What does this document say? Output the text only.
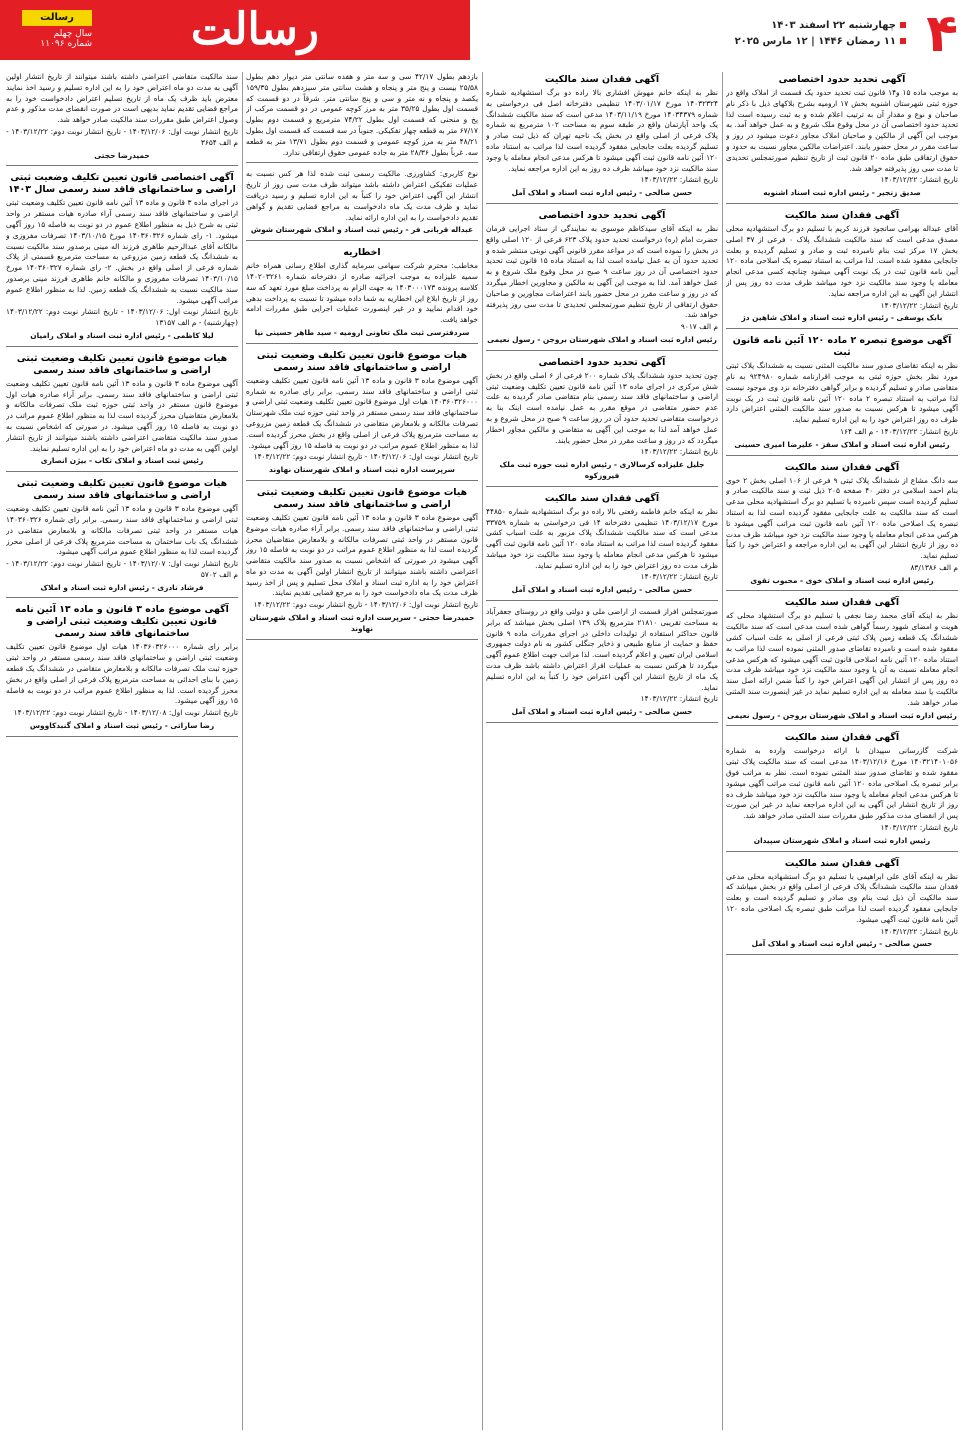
۴
چهارشنبه ۲۲ اسفند ۱۴۰۳
۱۱ رمضان ۱۴۴۶ | ۱۲ مارس ۲۰۲۵
رسالت
رسالت
سال چهلم
شماره ۱۱۰۹۶
آگهی تحدید حدود اختصاصی

به موجب ماده ۱۵ و۱۴ قانون ثبت تحدید حدود یک قسمت از املاک واقع در حوزه ثبتی شهرستان اشنویه بخش ۱۷ ارومیه بشرح بلاکهای ذیل با ذکر نام صاحبان و نوع و مقدار آن به ترتیب اعلام شده و به ثبت رسیده است لذا تحدید حدود اختصاصی آن در محل وقوع ملک شروع و به عمل خواهد آمد. به موجب این آگهی از مالکین و صاحبان املاک مجاور دعوت میشود در روز و ساعت مقرر در محل حضور یابند. اعتراضات مالکین مجاور نسبت به حدود و حقوق ارتفاقی طبق ماده ۲۰ قانون ثبت از تاریخ تنظیم صورتمجلس تحدیدی تا مدت سی روز پذیرفته خواهد شد.

تاریخ انتشار: ۱۴۰۳/۱۲/۲۲
صدیق زنجیر - رئیس اداره ثبت اسناد اشنویه
آگهی فقدان سند مالکیت

آقای عبداله بهرامی ساتجود فرزند کریم با تسلیم دو برگ استشهادیه محلی مصدق مدعی است که سند مالکیت ششدانگ پلاک ۰ فرعی از ۳۷ اصلی بخش ۱۷ مرکز ثبت بنام نامبرده ثبت و صادر و تسلیم گردیده و بعلت جابجایی مفقود شده است. لذا مراتب به استناد تبصره یک اصلاحی ماده ۱۲۰ آیین نامه قانون ثبت در یک نوبت آگهی میشود چنانچه کسی مدعی انجام معامله یا وجود سند مالکیت نزد خود میباشد ظرف مدت ده روز پس از انتشار این آگهی به این اداره مراجعه نماید.

تاریخ انتشار: ۱۴۰۳/۱۲/۲۲
بابک یوسفی - رئیس اداره ثبت اسناد و املاک شاهین دژ
آگهی موضوع تبصره ۲ ماده ۱۲۰ آئین نامه قانون ثبت

نظر به اینکه تقاضای صدور سند مالکیت المثنی نسبت به ششدانگ پلاک ثبتی مورد نظر بخش حوزه ثبتی به موجب اقرارنامه شماره ۹۲۴۹۸۰ به نام متقاضی صادر و تسلیم گردیده و برابر گواهی دفترخانه نزد وی موجود نیست لذا مراتب به استناد تبصره ۲ ماده ۱۲۰ آئین نامه قانون ثبت در یک نوبت آگهی میشود تا هرکس نسبت به صدور سند مالکیت المثنی اعتراض دارد ظرف ده روز اعتراض خود را به این اداره تسلیم نماید.

تاریخ انتشار: ۱۴۰۳/۱۲/۲۲ - م الف ۱۶۴
رئیس اداره ثبت اسناد و املاک سقز - علیرضا امیری حسینی
آگهی فقدان سند مالکیت

سه دانگ مشاع از ششدانگ پلاک ثبتی ۹ فرعی از ۱۰۶ اصلی بخش ۲ خوی بنام احمد اسلامی در دفتر ۴۰ صفحه ۲۰۵ ذیل ثبت و سند مالکیت صادر و تسلیم گردیده است سپس نامبرده با تسلیم دو برگ استشهادیه محلی مدعی است که سند مالکیت به علت جابجایی مفقود گردیده است لذا به استناد تبصره یک اصلاحی ماده ۱۲۰ آئین نامه قانون ثبت مراتب آگهی میشود تا هرکس مدعی انجام معامله یا وجود سند مالکیت نزد خود میباشد ظرف مدت ده روز از تاریخ انتشار این آگهی به این اداره مراجعه و اعتراض خود را کتباً تسلیم نماید.

م الف ۸۳/۱۳۸۶
رئیس اداره ثبت اسناد و املاک خوی - محبوب تقوی
آگهی فقدان سند مالکیت

نظر به اینکه آقای محمد رضا نجفی با تسلیم دو برگ استشهاد محلی که هویت و امضای شهود رسماً گواهی شده است مدعی است که سند مالکیت ششدانگ یک قطعه زمین پلاک ثبتی فرعی از اصلی به علت اسباب کشی مفقود شده است و نامبرده تقاضای صدور المثنی نموده است لذا مراتب به استناد ماده ۱۲۰ آئین نامه اصلاحی قانون ثبت آگهی میشود که هرکس مدعی انجام معامله نسبت به آن یا وجود سند مالکیت نزد خود میباشد ظرف مدت ده روز پس از انتشار این آگهی اعتراض خود را کتباً ضمن ارائه اصل سند مالکیت یا سند معامله به این اداره تسلیم نماید در غیر اینصورت سند المثنی صادر خواهد شد.

رئیس اداره ثبت اسناد و املاک شهرستان بروجن - رسول نعیمی
آگهی فقدان سند مالکیت

شرکت گازرسانی سپیدان با ارائه درخواست وارده به شماره ۱۴۰۳۲۱۴۰۱۰۵۶ مورخ ۱۴۰۳/۱۲/۱۶ مدعی است که سند مالکیت پلاک ثبتی مفقود شده و تقاضای صدور سند المثنی نموده است. نظر به مراتب فوق برابر تبصره یک اصلاحی ماده ۱۲۰ آئین نامه قانون ثبت مراتب آگهی میشود تا هرکس مدعی انجام معامله یا وجود سند مالکیت نزد خود میباشد ظرف ده روز از تاریخ انتشار این آگهی به این اداره مراجعه نماید در غیر این صورت پس از انقضای مدت مذکور طبق مقررات سند المثنی صادر خواهد شد.

تاریخ انتشار: ۱۴۰۳/۱۲/۲۲
رئیس اداره ثبت اسناد و املاک شهرستان سپیدان
آگهی فقدان سند مالکیت

نظر به اینکه آقای علی ابراهیمی با تسلیم دو برگ استشهادیه محلی مدعی فقدان سند مالکیت ششدانگ پلاک فرعی از اصلی واقع در بخش میباشد که سند مالکیت آن ذیل ثبت بنام وی صادر و تسلیم گردیده است و بعلت جابجایی مفقود گردیده است لذا مراتب طبق تبصره یک اصلاحی ماده ۱۲۰ آئین نامه قانون ثبت آگهی میشود.

تاریخ انتشار: ۱۴۰۳/۱۲/۲۲
حسن صالحی - رئیس اداره ثبت اسناد و املاک آمل
آگهی فقدان سند مالکیت

نظر به اینکه خانم مهوش افشاری بالا راده دو برگ استشهادیه شماره ۱۴۰۳۲۳۲۴ مورخ ۱۴۰۳/۰۱/۱۷ تنظیمی دفترخانه اصل فی درخواستی به شماره ۱۴۰۳۴۳۷۹ مورخ ۱۴۰۳/۱۱/۱۹ مدعی است که سند مالکیت ششدانگ یک واحد آپارتمان واقع در طبقه سوم به مساحت ۱۰۲ مترمربع به شماره پلاک فرعی از اصلی واقع در بخش یک ناحیه تهران که ذیل ثبت صادر و تسلیم گردیده بعلت جابجایی مفقود گردیده است لذا مراتب به استناد ماده ۱۲۰ آئین نامه قانون ثبت آگهی میشود تا هرکس مدعی انجام معامله یا وجود سند مالکیت نزد خود میباشد ظرف ده روز به این اداره مراجعه نماید.

تاریخ انتشار: ۱۴۰۳/۱۲/۲۲
حسن صالحی - رئیس اداره ثبت اسناد و املاک آمل
آگهی تحدید حدود اختصاصی

نظر به اینکه آقای سیدکاظم موسوی به نمایندگی از ستاد اجرایی فرمان حضرت امام (ره) درخواست تحدید حدود پلاک ۶۲۳ فرعی از ۱۲۰ اصلی واقع در بخش را نموده است که در مواعد مقرر قانونی آگهی نوبتی منتشر شده و تحدید حدود آن به عمل نیامده است لذا به استناد ماده ۱۵ قانون ثبت تحدید حدود اختصاصی آن در روز ساعت ۹ صبح در محل وقوع ملک شروع و به عمل خواهد آمد. لذا به موجب این آگهی به مالکین و مجاورین اخطار میگردد که در روز و ساعت مقرر در محل حضور یابند اعتراضات مجاورین و صاحبان حقوق ارتفاقی از تاریخ تنظیم صورتمجلس تحدیدی تا مدت سی روز پذیرفته خواهد شد.

م الف ۹۰۱۷
رئیس اداره ثبت اسناد و املاک شهرستان بروجن - رسول نعیمی
آگهی تحدید حدود اختصاصی

چون تحدید حدود ششدانگ پلاک شماره ۲۰۰ فرعی از ۶ اصلی واقع در بخش شش مرکزی در اجرای ماده ۱۳ آئین نامه قانون تعیین تکلیف وضعیت ثبتی اراضی و ساختمانهای فاقد سند رسمی بنام متقاضی صادر گردیده به علت عدم حضور متقاضی در موقع مقرر به عمل نیامده است اینک بنا به درخواست متقاضی تحدید حدود آن در روز ساعت ۹ صبح در محل شروع و به عمل خواهد آمد لذا به موجب این آگهی به متقاضی و مالکین مجاور اخطار میگردد که در روز و ساعت مقرر در محل حضور یابند.

تاریخ انتشار: ۱۴۰۳/۱۲/۲۲
جلیل علیزاده کرسالاری - رئیس اداره ثبت حوزه ثبت ملک فیروزکوه
آگهی فقدان سند مالکیت

نظر به اینکه خانم فاطمه رفعتی بالا راده دو برگ استشهادیه شماره ۴۴۸۵۰ مورخ ۱۴۰۳/۱۲/۱۷ تنظیمی دفترخانه ۱۴ فی درخواستی به شماره ۳۳۷۵۹ مدعی است که سند مالکیت ششدانگ پلاک مزبور به علت اسباب کشی مفقود گردیده است لذا مراتب به استناد ماده ۱۲۰ آئین نامه قانون ثبت آگهی میشود تا هرکس مدعی انجام معامله یا وجود سند مالکیت نزد خود میباشد ظرف مدت ده روز اعتراض خود را به این اداره تسلیم نماید.

تاریخ انتشار: ۱۴۰۳/۱۲/۲۲
حسن صالحی - رئیس اداره ثبت اسناد و املاک آمل

صورتمجلس افراز قسمت از اراضی ملی و دولتی واقع در روستای جعفرآباد به مساحت تقریبی ۲۱۸۱۰ مترمربع پلاک ۱۳۹ اصلی بخش میباشد که برابر قانون حداکثر استفاده از تولیدات داخلی در اجرای مقررات ماده ۹ قانون حفظ و حمایت از منابع طبیعی و ذخایر جنگلی کشور به نام دولت جمهوری اسلامی ایران تعیین و اعلام گردیده است. لذا مراتب جهت اطلاع عموم آگهی میگردد تا هرکس نسبت به عملیات افراز اعتراض داشته باشد ظرف مدت یک ماه از تاریخ انتشار این آگهی اعتراض خود را کتباً به این اداره تسلیم نماید.

تاریخ انتشار: ۱۴۰۳/۱۲/۲۲
حسن صالحی - رئیس اداره ثبت اسناد و املاک آمل

بازدهم بطول ۴۲/۱۷ سی و سه متر و هفده سانتی متر دیوار دهم بطول ۲۵/۵۸ بیست و پنج متر و پنجاه و هشت سانتی متر سیزدهم بطول ۱۵۹/۳۵ یکصد و پنجاه و نه متر و سی و پنج سانتی متر. شرقاً در دو قسمت که قسمت اول بطول ۳۵/۲۵ متر به مرز کوچه عمومی در دو قسمت مرکب از پخ و منحنی که قسمت اول بطول ۷۴/۲۲ مترمربع و قسمت دوم بطول ۶۷/۱۷ متر به قطعه چهار تفکیکی. جنوباً در سه قسمت که قسمت اول بطول ۴۸/۲۱ متر به مرز کوچه عمومی و قسمت دوم بطول ۱۳/۷۱ متر به قطعه سه. غرباً بطول ۲۸/۳۶ متر به جاده عمومی حقوق ارتفاقی ندارد.

نوع کاربری: کشاورزی. مالکیت رسمی ثبت شده لذا هر کس نسبت به عملیات تفکیکی اعتراض داشته باشد میتواند ظرف مدت سی روز از تاریخ انتشار این آگهی اعتراض خود را کتباً به این اداره تسلیم و رسید دریافت نماید و ظرف مدت یک ماه دادخواست به مراجع قضایی تقدیم و گواهی تقدیم دادخواست را به این اداره ارائه نماید.

عبداله قربانی فر - رئیس ثبت اسناد و املاک شهرستان شوش
اخطاریه

مخاطب: محترم شرکت سهامی سرمایه گذاری اطلاع رسانی همراه خانم سمیه علیزاده به موجب اجرائیه صادره از دفترخانه شماره ۱۴۰۲۰۳۲۶۱ کلاسه پرونده ۱۴۰۳۰۰۰۱۷۳ به جهت الزام به پرداخت مبلغ مورد تعهد که سه روز از تاریخ ابلاغ این اخطاریه به شما داده میشود تا نسبت به پرداخت بدهی خود اقدام نمایید و در غیر اینصورت عملیات اجرایی طبق مقررات ادامه خواهد یافت.

سردفترسی ثبت ملک تعاونی ارومیه - سید طاهر حسینی نیا
هیات موضوع قانون تعیین تکلیف وضعیت ثبتی اراضی و ساختمانهای فاقد سند رسمی

آگهی موضوع ماده ۳ قانون و ماده ۱۳ آئین نامه قانون تعیین تکلیف وضعیت ثبتی اراضی و ساختمانهای فاقد سند رسمی. برابر رای صادره به شماره ۱۴۰۳۶۰۳۲۶۰۰۰ هیات اول موضوع قانون تعیین تکلیف وضعیت ثبتی اراضی و ساختمانهای فاقد سند رسمی مستقر در واحد ثبتی حوزه ثبت ملک شهرستان تصرفات مالکانه و بلامعارض متقاضی در ششدانگ یک قطعه زمین مزروعی به مساحت مترمربع پلاک فرعی از اصلی واقع در بخش محرز گردیده است. لذا به منظور اطلاع عموم مراتب در دو نوبت به فاصله ۱۵ روز آگهی میشود.

تاریخ انتشار نوبت اول: ۱۴۰۳/۱۲/۰۶ - تاریخ انتشار نوبت دوم: ۱۴۰۳/۱۲/۲۲
سرپرست اداره ثبت اسناد و املاک شهرستان نهاوند
هیات موضوع قانون تعیین تکلیف وضعیت ثبتی اراضی و ساختمانهای فاقد سند رسمی

آگهی موضوع ماده ۳ قانون و ماده ۱۳ آئین نامه قانون تعیین تکلیف وضعیت ثبتی اراضی و ساختمانهای فاقد سند رسمی. برابر آراء صادره هیات موضوع قانون مستقر در واحد ثبتی تصرفات مالکانه و بلامعارض متقاضیان محرز گردیده است لذا به منظور اطلاع عموم مراتب در دو نوبت به فاصله ۱۵ روز آگهی میشود در صورتی که اشخاص نسبت به صدور سند مالکیت متقاضی اعتراضی داشته باشند میتوانند از تاریخ انتشار اولین آگهی به مدت دو ماه اعتراض خود را به اداره ثبت اسناد و املاک محل تسلیم و پس از اخذ رسید ظرف مدت یک ماه دادخواست خود را به مرجع قضایی تقدیم نمایند.

تاریخ انتشار نوبت اول: ۱۴۰۳/۱۲/۰۶ - تاریخ انتشار نوبت دوم: ۱۴۰۳/۱۲/۲۲
حمیدرضا حجتی - سرپرست اداره ثبت اسناد و املاک شهرستان نهاوند

سند مالکیت متقاضی اعتراضی داشته باشند میتوانند از تاریخ انتشار اولین آگهی به مدت دو ماه اعتراض خود را به این اداره تسلیم و رسید اخذ نمایند معترض باید ظرف یک ماه از تاریخ تسلیم اعتراض دادخواست خود را به مراجع قضایی تقدیم نماید بدیهی است در صورت انقضای مدت مذکور و عدم وصول اعتراض طبق مقررات سند مالکیت صادر خواهد شد.

تاریخ انتشار نوبت اول: ۱۴۰۳/۱۲/۰۶ - تاریخ انتشار نوبت دوم: ۱۴۰۳/۱۲/۲۲ - م الف ۳۶۵۴
حمیدرضا حجتی
آگهی اختصاصی قانون تعیین تکلیف وضعیت ثبتی اراضی و ساختمانهای فاقد سند رسمی سال ۱۴۰۳

در اجرای ماده ۳ قانون و ماده ۱۳ آئین نامه قانون تعیین تکلیف وضعیت ثبتی اراضی و ساختمانهای فاقد سند رسمی آراء صادره هیات مستقر در واحد ثبتی به شرح ذیل به منظور اطلاع عموم در دو نوبت به فاصله ۱۵ روز آگهی میشود. ۱- رای شماره ۱۴۰۳۶۰۳۲۶ مورخ ۱۴۰۳/۱۰/۱۵ تصرفات مفروزی و مالکانه آقای عبدالرحیم طاهری فرزند اله مینی برصدور سند مالکیت نسبت به ششدانگ یک قطعه زمین مزروعی به مساحت مترمربع قسمتی از پلاک شماره فرعی از اصلی واقع در بخش. ۲- رای شماره ۱۴۰۳۶۰۳۲۷ مورخ ۱۴۰۳/۱۰/۱۵ تصرفات مفروزی و مالکانه خانم طاهری فرزند مینی برصدور سند مالکیت نسبت به ششدانگ یک قطعه زمین. لذا به منظور اطلاع عموم مراتب آگهی میشود.

تاریخ انتشار نوبت اول: ۱۴۰۳/۱۲/۰۶ - تاریخ انتشار نوبت دوم: ۱۴۰۳/۱۲/۲۲ (چهارشنبه) - م الف ۱۳۱۵۷
لیلا کاظمی - رئیس اداره ثبت اسناد و املاک رامیان
هیات موضوع قانون تعیین تکلیف وضعیت ثبتی اراضی و ساختمانهای فاقد سند رسمی

آگهی موضوع ماده ۳ قانون و ماده ۱۳ آئین نامه قانون تعیین تکلیف وضعیت ثبتی اراضی و ساختمانهای فاقد سند رسمی. برابر آراء صادره هیات اول موضوع قانون مستقر در واحد ثبتی حوزه ثبت ملک تصرفات مالکانه و بلامعارض متقاضیان محرز گردیده است لذا به منظور اطلاع عموم مراتب در دو نوبت به فاصله ۱۵ روز آگهی میشود. در صورتی که اشخاص نسبت به صدور سند مالکیت متقاضی اعتراضی داشته باشند میتوانند از تاریخ انتشار اولین آگهی به مدت دو ماه اعتراض خود را به این اداره تسلیم نمایند.

رئیس ثبت اسناد و املاک تکاب - بیژن انصاری
هیات موضوع قانون تعیین تکلیف وضعیت ثبتی اراضی و ساختمانهای فاقد سند رسمی

آگهی موضوع ماده ۳ قانون و ماده ۱۳ آئین نامه قانون تعیین تکلیف وضعیت ثبتی اراضی و ساختمانهای فاقد سند رسمی. برابر رای شماره ۱۴۰۳۶۰۳۲۶ هیات مستقر در واحد ثبتی تصرفات مالکانه و بلامعارض متقاضی در ششدانگ یک باب ساختمان به مساحت مترمربع پلاک فرعی از اصلی محرز گردیده است لذا به منظور اطلاع عموم مراتب آگهی میشود.

تاریخ انتشار نوبت اول: ۱۴۰۳/۱۲/۰۷ - تاریخ انتشار نوبت دوم: ۱۴۰۳/۱۲/۲۲ - م الف ۵۷۰۲
فرشاد نادری - رئیس اداره ثبت اسناد و املاک
آگهی موضوع ماده ۳ قانون و ماده ۱۳ آئین نامه قانون تعیین تکلیف وضعیت ثبتی اراضی و ساختمانهای فاقد سند رسمی

برابر رای شماره ۱۴۰۳۶۰۳۲۶۰۰۰ هیات اول موضوع قانون تعیین تکلیف وضعیت ثبتی اراضی و ساختمانهای فاقد سند رسمی مستقر در واحد ثبتی حوزه ثبت ملک تصرفات مالکانه و بلامعارض متقاضی در ششدانگ یک قطعه زمین با بنای احداثی به مساحت مترمربع پلاک فرعی از اصلی واقع در بخش محرز گردیده است. لذا به منظور اطلاع عموم مراتب در دو نوبت به فاصله ۱۵ روز آگهی میشود.

تاریخ انتشار نوبت اول: ۱۴۰۳/۱۲/۰۸ - تاریخ انتشار نوبت دوم: ۱۴۰۳/۱۲/۲۲
رضا ساراتی - رئیس ثبت اسناد و املاک گنبدکاووس
